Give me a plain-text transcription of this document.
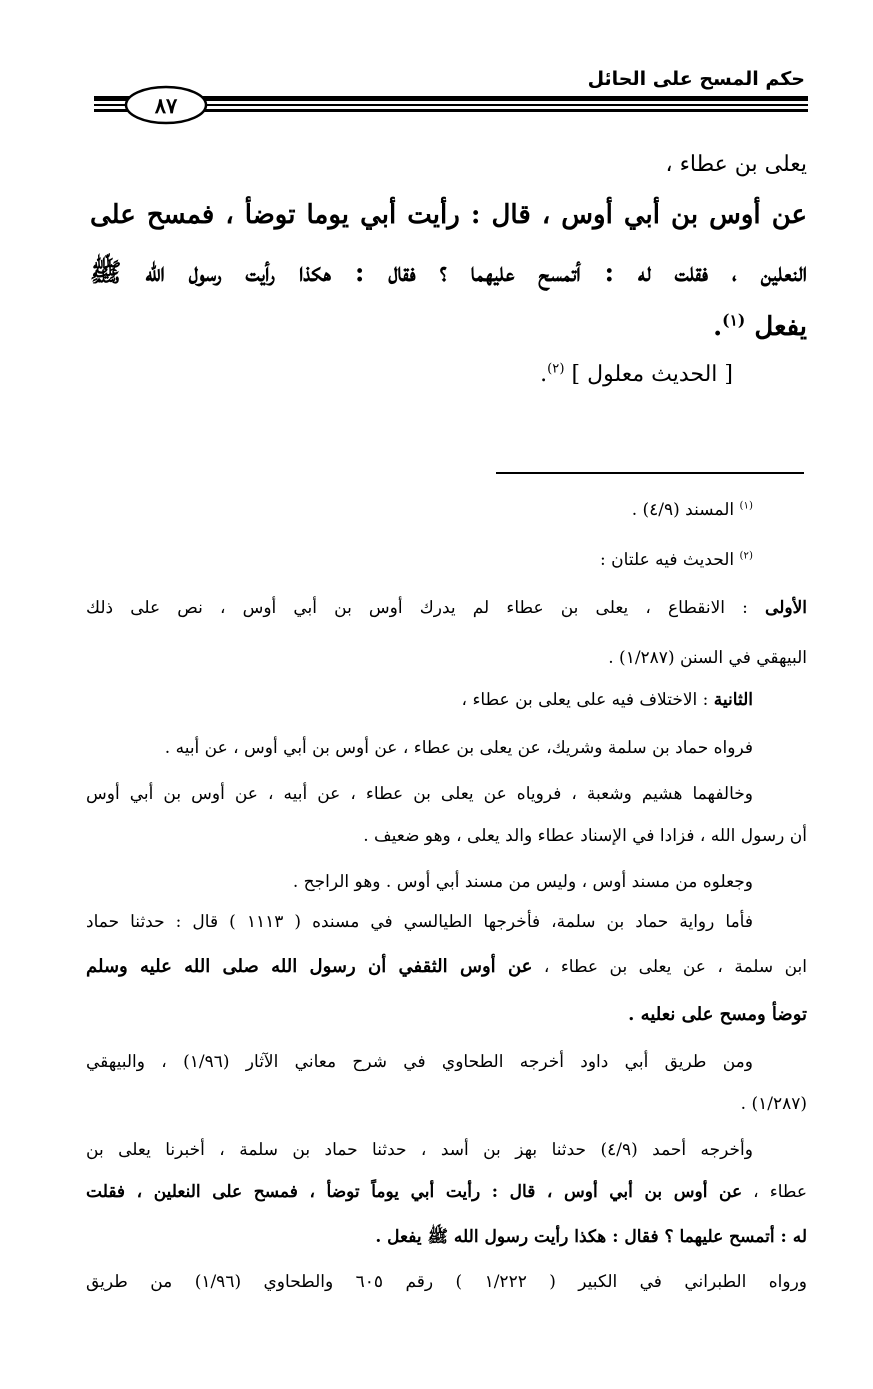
حكم المسح على الحائل
٨٧
يعلى بن عطاء ،
عن أوس بن أبي أوس ، قال : رأيت أبي يوما توضأ ، فمسح على
النعلين ، فقلت له : أتمسح عليهما ؟ فقال : هكذا رأيت رسول الله ﷺ
يفعل $^{(١)}$.
[ الحديث معلول ] $^{(٢)}$.
$^{(١)}$ المسند (٤/٩) .
$^{(٢)}$ الحديث فيه علتان :
الأولى : الانقطاع ، يعلى بن عطاء لم يدرك أوس بن أبي أوس ، نص على ذلك
البيهقي في السنن (١/٢٨٧) .
الثانية : الاختلاف فيه على يعلى بن عطاء ،
فرواه حماد بن سلمة وشريك، عن يعلى بن عطاء ، عن أوس بن أبي أوس ، عن أبيه .
وخالفهما هشيم وشعبة ، فروياه عن يعلى بن عطاء ، عن أبيه ، عن أوس بن أبي أوس
أن رسول الله ، فزادا في الإسناد عطاء والد يعلى ، وهو ضعيف .
وجعلوه من مسند أوس ، وليس من مسند أبي أوس . وهو الراجح .
فأما رواية حماد بن سلمة، فأخرجها الطيالسي في مسنده ( ١١١٣ ) قال : حدثنا حماد
ابن سلمة ، عن يعلى بن عطاء ، عن أوس الثقفي أن رسول الله صلى الله عليه وسلم
توضأ ومسح على نعليه .
ومن طريق أبي داود أخرجه الطحاوي في شرح معاني الآثار (١/٩٦) ، والبيهقي
(١/٢٨٧) .
وأخرجه أحمد (٤/٩) حدثنا بهز بن أسد ، حدثنا حماد بن سلمة ، أخبرنا يعلى بن
عطاء ، عن أوس بن أبي أوس ، قال : رأيت أبي يوماً توضأ ، فمسح على النعلين ، فقلت
له : أتمسح عليهما ؟ فقال : هكذا رأيت رسول الله ﷺ يفعل .
ورواه الطبراني في الكبير ( ١/٢٢٢ ) رقم ٦٠٥ والطحاوي (١/٩٦) من طريق
